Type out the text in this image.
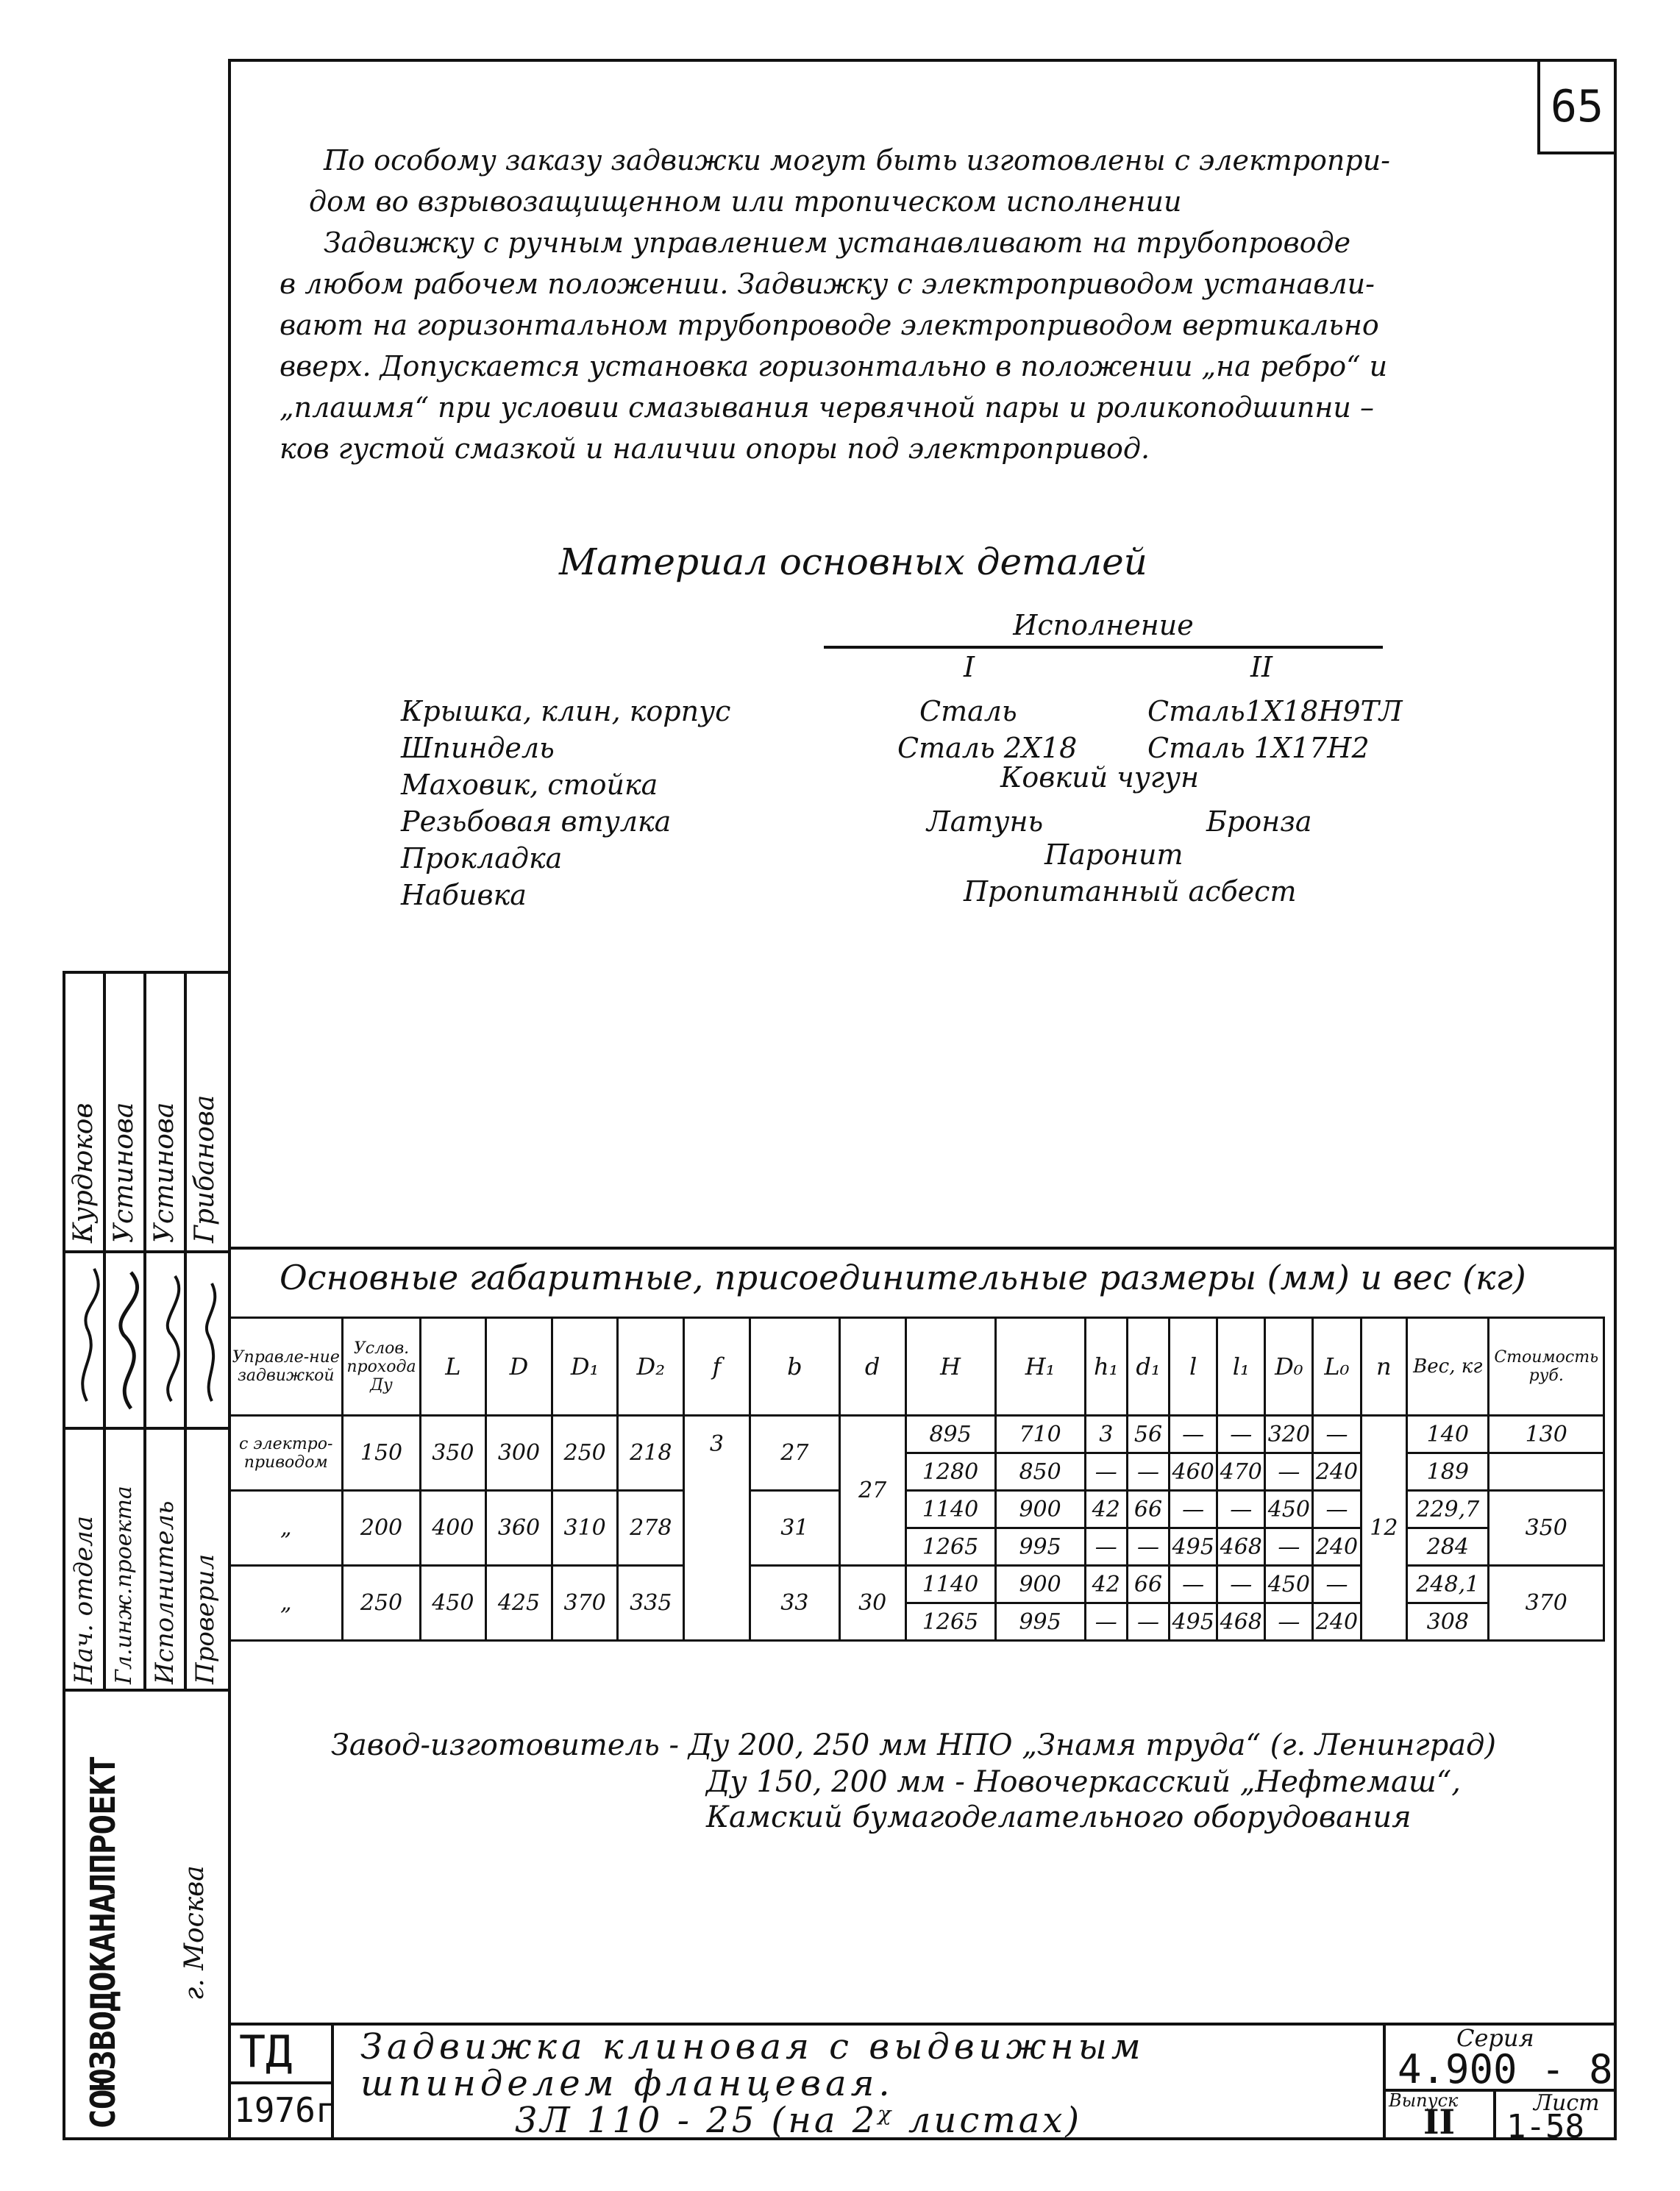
65

По особому заказу задвижки могут быть изготовлены с электропри-

дом во взрывозащищенном или тропическом исполнении

Задвижку с ручным управлением устанавливают на трубопроводе

в любом рабочем положении. Задвижку с электроприводом устанавли-

вают на горизонтальном трубопроводе электроприводом вертикально

вверх. Допускается установка горизонтально в положении „на ребро“ и

„плашмя“ при условии смазывания червячной пары и роликоподшипни –

ков густой смазкой и наличии опоры под электропривод.

Материал основных деталей
Исполнение
I	II
Крышка, клин, корпус	Сталь	Сталь1Х18Н9ТЛ
Шпиндель	Сталь 2Х18	Сталь 1Х17Н2
Маховик, стойка	Ковкий чугун
Резьбовая втулка	Латунь	Бронза
Прокладка	Паронит
Набивка	Пропитанный асбест
Основные габаритные, присоединительные размеры (мм) и вес (кг)
Управле-ние задвижкой	Услов. прохода Ду	L	D	D₁	D₂	f	b	d	H	H₁	h₁	d₁	l	l₁	D₀	L₀	n	Вес, кг	Стоимость руб.
с электро-приводом	150	350	300	250	218	3	27	27	895	710	3	56	—	—	320	—	12	140	130
									1280	850	—	—	460	470	—	240		189	
„	200	400	360	310	278		31		1140	900	42	66	—	—	450	—		229,7	350
									1265	995	—	—	495	468	—	240		284	
„	250	450	425	370	335		33	30	1140	900	42	66	—	—	450	—		248,1	370
									1265	995	—	—	495	468	—	240		308	
Завод-изготовитель - Ду 200, 250 мм НПО „Знамя труда“ (г. Ленинград)
Ду 150, 200 мм - Новочеркасский „Нефтемаш“,
Камский бумагоделательного оборудования
Нач. отдела Гл.инж.проекта Исполнитель Проверил
Курдюков Устинова Устинова Грибанова
СОЮЗВОДОКАНАЛПРОЕКТ	г. Москва
ТД
1976г
Задвижка клиновая с выдвижным
шпинделем фланцевая.
3Л 110 - 25 (на 2ᵡ листах)
Серия
4.900 - 8
Выпуск
II	Лист
1-58
